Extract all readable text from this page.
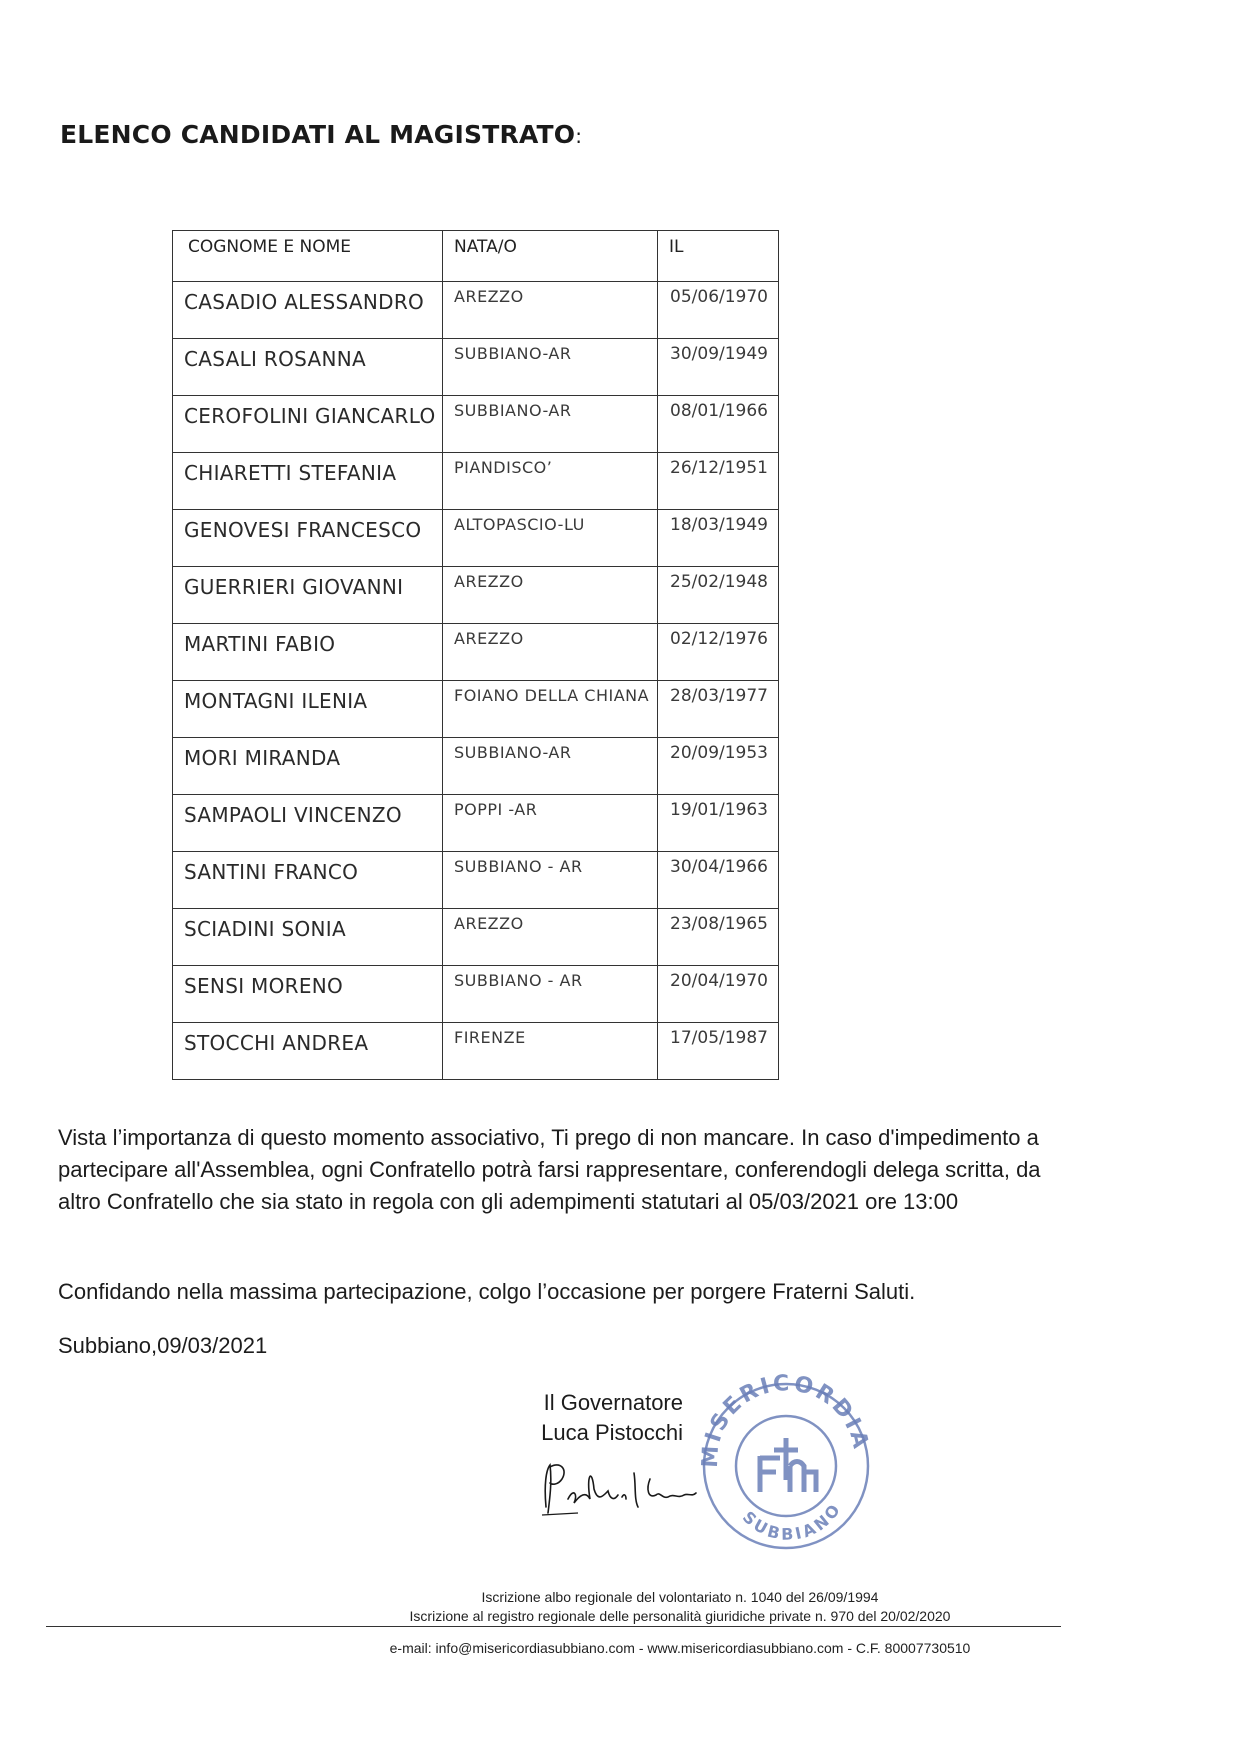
ELENCO CANDIDATI AL MAGISTRATO:
COGNOME E NOME	NATA/O	IL

CASADIO ALESSANDRO	AREZZO	05/06/1970

CASALI ROSANNA	SUBBIANO-AR	30/09/1949

CEROFOLINI GIANCARLO	SUBBIANO-AR	08/01/1966

CHIARETTI STEFANIA	PIANDISCO’	26/12/1951

GENOVESI FRANCESCO	ALTOPASCIO-LU	18/03/1949

GUERRIERI GIOVANNI	AREZZO	25/02/1948

MARTINI FABIO	AREZZO	02/12/1976

MONTAGNI ILENIA	FOIANO DELLA CHIANA	28/03/1977

MORI MIRANDA	SUBBIANO-AR	20/09/1953

SAMPAOLI VINCENZO	POPPI -AR	19/01/1963

SANTINI FRANCO	SUBBIANO - AR	30/04/1966

SCIADINI SONIA	AREZZO	23/08/1965

SENSI MORENO	SUBBIANO - AR	20/04/1970

STOCCHI ANDREA	FIRENZE	17/05/1987
Vista l’importanza di questo momento associativo, Ti prego di non mancare. In caso d'impedimento a partecipare all'Assemblea, ogni Confratello potrà farsi rappresentare, conferendogli delega scritta, da altro Confratello che sia stato in regola con gli adempimenti statutari al 05/03/2021 ore 13:00
Confidando nella massima partecipazione, colgo l’occasione per porgere Fraterni Saluti.
Subbiano,09/03/2021
Il Governatore
Luca Pistocchi
MISERICORDIA
SUBBIANO
Iscrizione albo regionale del volontariato n. 1040 del 26/09/1994
Iscrizione al registro regionale delle personalità giuridiche private n. 970 del 20/02/2020
e-mail: info@misericordiasubbiano.com - www.misericordiasubbiano.com - C.F. 80007730510
